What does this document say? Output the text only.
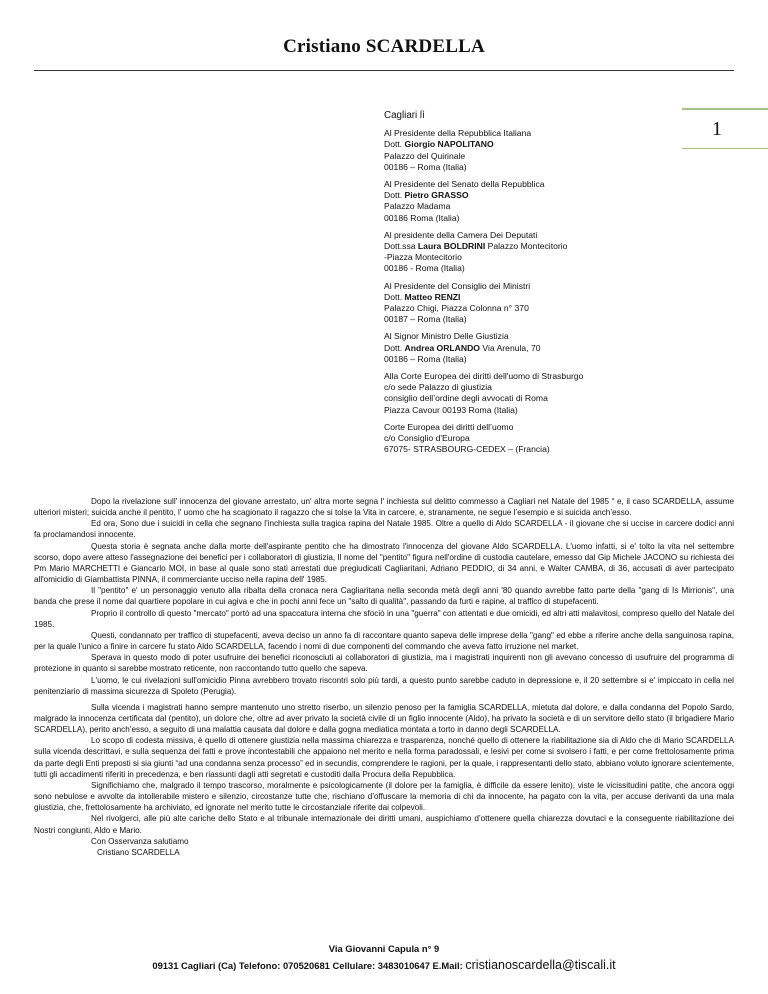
Cristiano SCARDELLA
1
Cagliari lì
Al Presidente della Repubblica Italiana
Dott. Giorgio NAPOLITANO
Palazzo del Quirinale
00186 – Roma (Italia)
Al Presidente del Senato della Repubblica
Dott. Pietro GRASSO
Palazzo Madama
00186 Roma (Italia)
Al presidente della Camera Dei Deputati
Dott.ssa Laura BOLDRINI Palazzo Montecitorio
-Piazza Montecitorio
00186 - Roma (Italia)
Al Presidente del Consiglio dei Ministri
Dott. Matteo RENZI
Palazzo Chigi, Piazza Colonna n° 370
00187 – Roma (Italia)
Al Signor Ministro Delle Giustizia
Dott. Andrea ORLANDO Via Arenula, 70
00186 – Roma (Italia)
Alla Corte Europea dei diritti dell'uomo di Strasburgo
c/o sede Palazzo di giustizia
consiglio dell’ordine degli avvocati di Roma
Piazza Cavour 00193 Roma (Italia)
Corte Europea dei diritti dell’uomo
c/o Consiglio d'Europa
67075- STRASBOURG-CEDEX – (Francia)

Dopo la rivelazione sull' innocenza del giovane arrestato, un' altra morte segna l' inchiesta sul delitto commesso a Cagliari nel Natale del 1985 “ e, il caso SCARDELLA, assume ulteriori misteri; suicida anche il pentito, l' uomo che ha scagionato il ragazzo che si tolse la Vita in carcere, e, stranamente, ne segue l’esempio e si suicida anch’esso.

Ed ora, Sono due i suicidi in cella che segnano l'inchiesta sulla tragica rapina del Natale 1985. Oltre a quello di Aldo SCARDELLA - il giovane che si uccise in carcere dodici anni fa proclamandosi innocente.

Questa storia è segnata anche dalla morte dell'aspirante pentito che ha dimostrato l'innocenza del giovane Aldo SCARDELLA. L'uomo infatti, si e' tolto la vita nel settembre scorso, dopo avere atteso l'assegnazione dei benefici per i collaboratori di giustizia, Il nome del "pentito" figura nell'ordine di custodia cautelare, emesso dal Gip Michele JACONO su richiesta dei Pm Mario MARCHETTI e Giancarlo MOI, in base al quale sono stati arrestati due pregiudicati Cagliaritani, Adriano PEDDIO, di 34 anni, e Walter CAMBA, di 36, accusati di aver partecipato all'omicidio di Giambattista PINNA, il commerciante ucciso nella rapina dell' 1985.

Il "pentito" e' un personaggio venuto alla ribalta della cronaca nera Cagliaritana nella seconda metà degli anni '80 quando avrebbe fatto parte della "gang di Is Mirrionis", una banda che prese il nome dal quartiere popolare in cui agiva e che in pochi anni fece un "salto di qualità", passando da furti e rapine, al traffico di stupefacenti.

Proprio il controllo di questo "mercato" portò ad una spaccatura interna che sfociò in una "guerra" con attentati e due omicidi, ed altri atti malavitosi, compreso quello del Natale del 1985.

Questi, condannato per traffico di stupefacenti, aveva deciso un anno fa di raccontare quanto sapeva delle imprese della "gang" ed ebbe a riferire anche della sanguinosa rapina, per la quale l'unico a finire in carcere fu stato Aldo SCARDELLA, facendo i nomi di due componenti del commando che aveva fatto irruzione nel market.

Sperava in questo modo di poter usufruire dei benefici riconosciuti ai collaboratori di giustizia, ma i magistrati inquirenti non gli avevano concesso di usufruire del programma di protezione in quanto si sarebbe mostrato reticente, non raccontando tutto quello che sapeva.

L'uomo, le cui rivelazioni sull'omicidio Pinna avrebbero trovato riscontri solo più tardi, a questo punto sarebbe caduto in depressione e, il 20 settembre si e' impiccato in cella nel penitenziario di massima sicurezza di Spoleto (Perugia).

Sulla vicenda i magistrati hanno sempre mantenuto uno stretto riserbo, un silenzio penoso per la famiglia SCARDELLA, mietuta dal dolore, e dalla condanna del Popolo Sardo, malgrado la innocenza certificata dal (pentito), un dolore che, oltre ad aver privato la società civile di un figlio innocente (Aldo), ha privato la società e di un servitore dello stato (il brigadiere Mario SCARDELLA), perito anch’esso, a seguito di una malattia causata dal dolore e dalla gogna mediatica montata a torto in danno degli SCARDELLA.

Lo scopo di codesta missiva, è quello di ottenere giustizia nella massima chiarezza e trasparenza, nonché quello di ottenere la riabilitazione sia di Aldo che di Mario SCARDELLA sulla vicenda descrittavi, e sulla sequenza dei fatti e prove incontestabili che appaiono nel merito e nella forma paradossali, e lesivi per come si svolsero i fatti, e per come frettolosamente prima da parte degli Enti preposti si sia giunti “ad una condanna senza processo” ed in secundis, comprendere le ragioni, per la quale, i rappresentanti dello stato, abbiano voluto ignorare scientemente, tutti gli accadimenti riferiti in precedenza, e ben riassunti dagli atti segretati e custoditi dalla Procura della Repubblica.

Significhiamo che, malgrado il tempo trascorso, moralmente e psicologicamente (il dolore per la famiglia, è difficile da essere lenito), viste le vicissitudini patite, che ancora oggi sono nebulose e avvolte da intollerabile mistero e silenzio, circostanze tutte che, rischiano d’offuscare la memoria di chi da innocente, ha pagato con la vita, per accuse derivanti da una mala giustizia, che, frettolosamente ha archiviato, ed ignorate nel merito tutte le circostanziale riferite dai colpevoli.

Nel rivolgerci, alle più alte cariche dello Stato e al tribunale internazionale dei diritti umani, auspichiamo d’ottenere quella chiarezza dovutaci e la conseguente riabilitazione dei Nostri congiunti, Aldo e Mario.

Con Osservanza salutiamo

Cristiano SCARDELLA

Via Giovanni Capula n° 9
09131 Cagliari (Ca) Telefono: 070520681 Cellulare: 3483010647 E.Mail: cristianoscardella@tiscali.it
